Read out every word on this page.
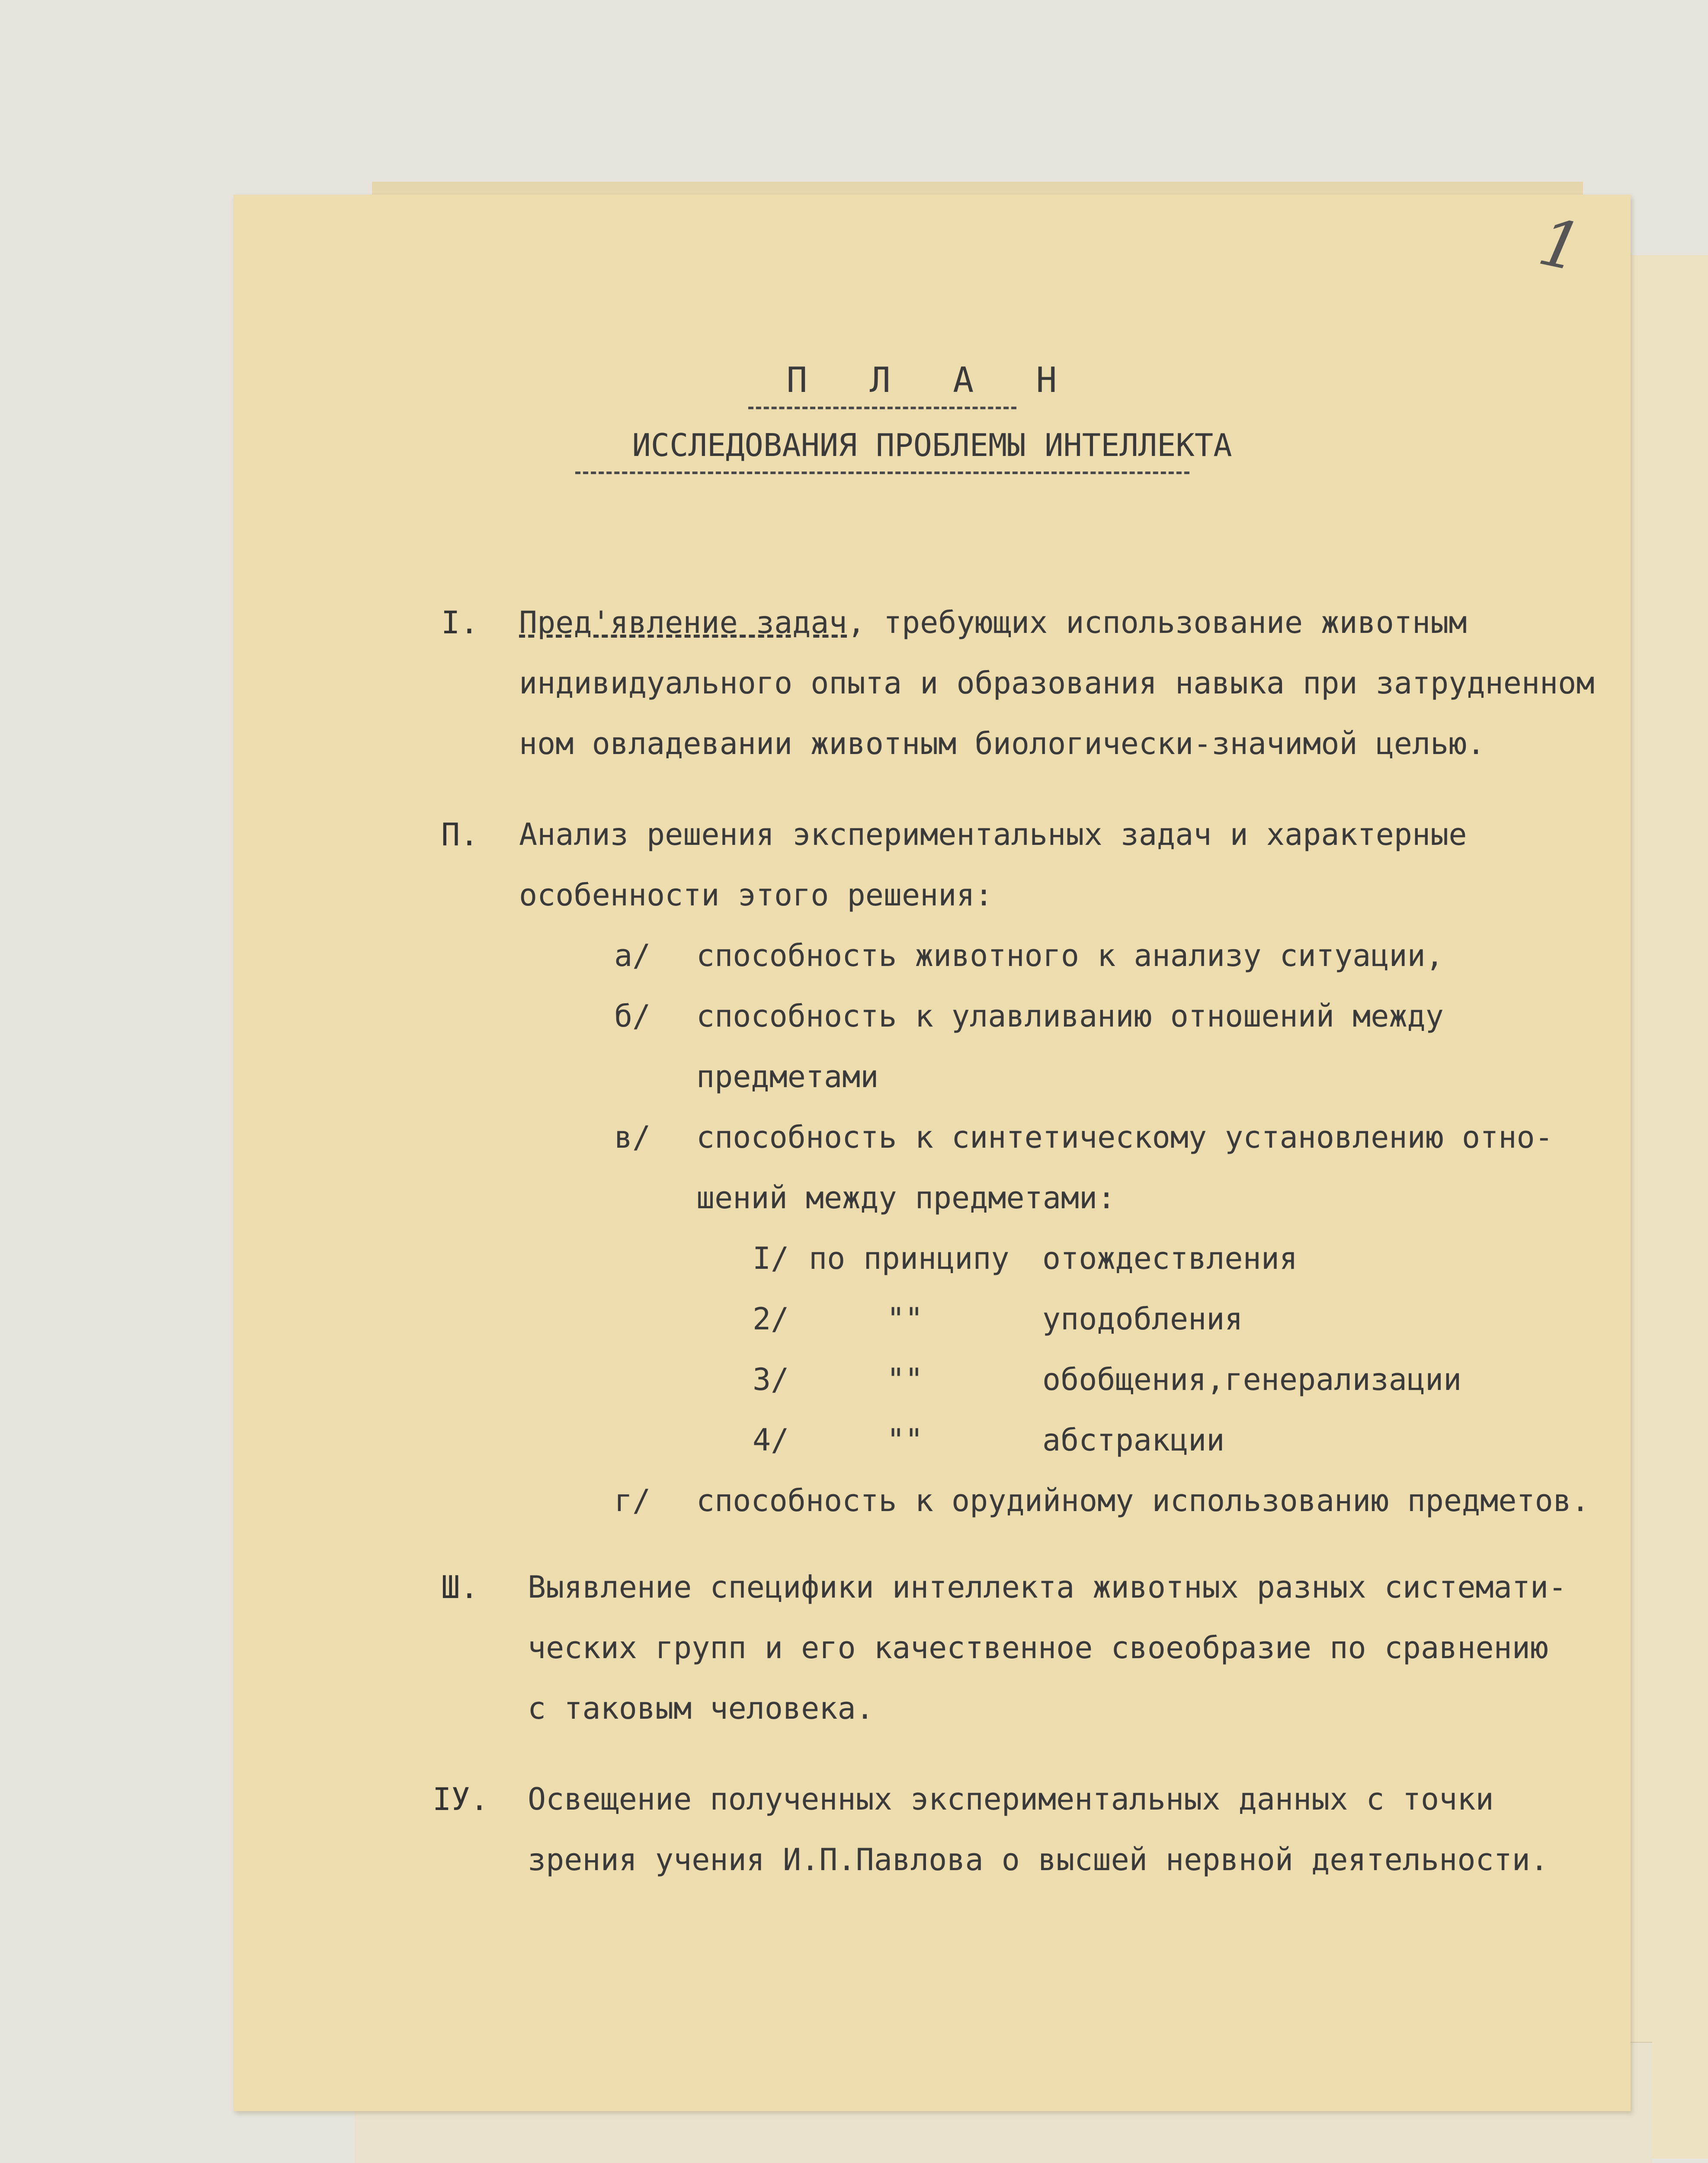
1
П Л А Н
ИССЛЕДОВАНИЯ ПРОБЛЕМЫ ИНТЕЛЛЕКТА
I. Пред'явление задач, требующих использование животным
индивидуального опыта и образования навыка при затрудненном
ном овладевании животным биологически-значимой целью.
П. Анализ решения экспериментальных задач и характерные
особенности этого решения:
а/ способность животного к анализу ситуации,
б/ способность к улавливанию отношений между
предметами
в/ способность к синтетическому установлению отно-
шений между предметами:
I/ по принципу отождествления
2/	""	уподобления
3/	""	обобщения,генерализации
4/	""	абстракции
г/ способность к орудийному использованию предметов.
Ш. Выявление специфики интеллекта животных разных системати-
ческих групп и его качественное своеобразие по сравнению
с таковым человека.
IУ. Освещение полученных экспериментальных данных с точки
зрения учения И.П.Павлова о высшей нервной деятельности.
